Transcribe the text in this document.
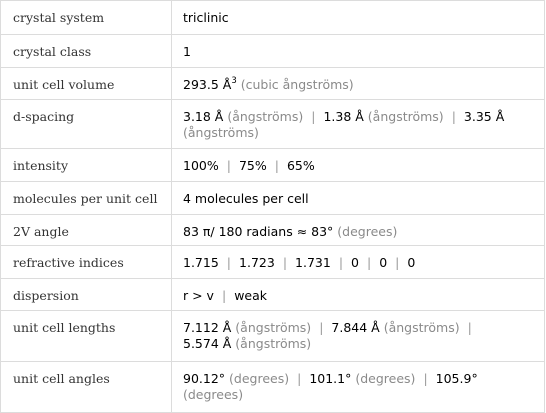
crystal system	triclinic
crystal class	1
unit cell volume	293.5 $Å^3$ (cubic ångströms)
d-spacing	3.18 Å (ångströms) | 1.38 Å (ångströms) | 3.35 Å
(ångströms)
intensity	100% | 75% | 65%
molecules per unit cell	4 molecules per cell
2V angle	83 π/ 180 radians ≈ 83° (degrees)
refractive indices	1.715 | 1.723 | 1.731 | 0 | 0 | 0
dispersion	r > v | weak
unit cell lengths	7.112 Å (ångströms) | 7.844 Å (ångströms) |
5.574 Å (ångströms)
unit cell angles	90.12° (degrees) | 101.1° (degrees) | 105.9°
(degrees)
